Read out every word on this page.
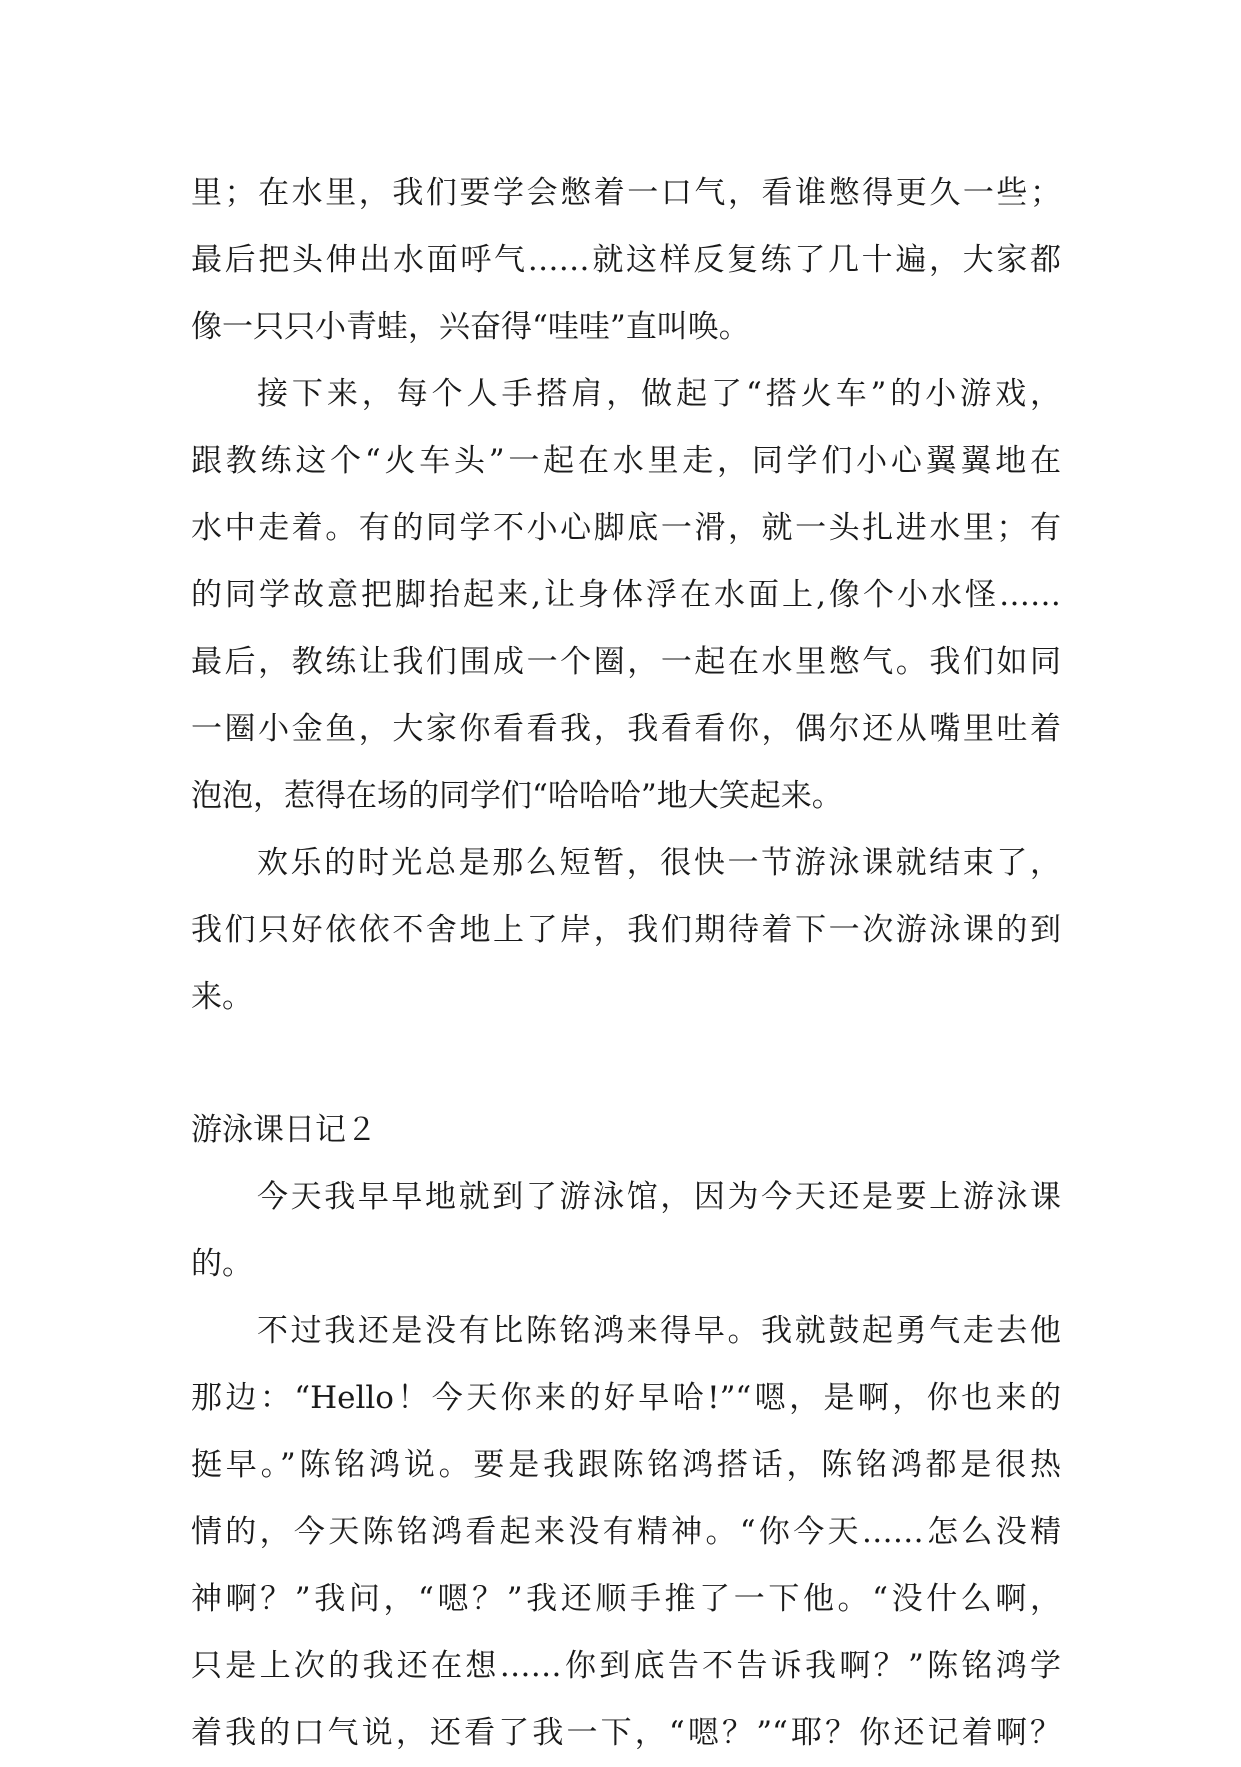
里；在水里，我们要学会憋着一口气，看谁憋得更久一些；
最后把头伸出水面呼气……就这样反复练了几十遍，大家都
像一只只小青蛙，兴奋得“哇哇”直叫唤。
接下来，每个人手搭肩，做起了“搭火车”的小游戏，
跟教练这个“火车头”一起在水里走，同学们小心翼翼地在
水中走着。有的同学不小心脚底一滑，就一头扎进水里；有
的同学故意把脚抬起来,让身体浮在水面上,像个小水怪……
最后，教练让我们围成一个圈，一起在水里憋气。我们如同
一圈小金鱼，大家你看看我，我看看你，偶尔还从嘴里吐着
泡泡，惹得在场的同学们“哈哈哈”地大笑起来。
欢乐的时光总是那么短暂，很快一节游泳课就结束了，
我们只好依依不舍地上了岸，我们期待着下一次游泳课的到
来。
游泳课日记２
今天我早早地就到了游泳馆，因为今天还是要上游泳课
的。
不过我还是没有比陈铭鸿来得早。我就鼓起勇气走去他
那边：“Hello！今天你来的好早哈!”“嗯，是啊，你也来的
挺早。”陈铭鸿说。要是我跟陈铭鸿搭话，陈铭鸿都是很热
情的，今天陈铭鸿看起来没有精神。“你今天……怎么没精
神啊？”我问，“嗯？”我还顺手推了一下他。“没什么啊，
只是上次的我还在想……你到底告不告诉我啊？”陈铭鸿学
着我的口气说，还看了我一下，“嗯？”“耶？你还记着啊？
